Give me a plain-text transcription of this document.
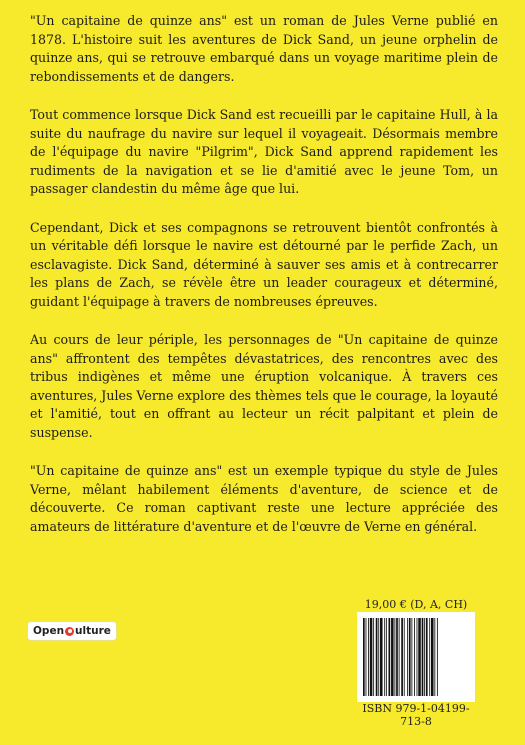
"Un capitaine de quinze ans" est un roman de Jules Verne publié en 1878. L'histoire suit les aventures de Dick Sand, un jeune orphelin de quinze ans, qui se retrouve embarqué dans un voyage maritime plein de rebondissements et de dangers.

Tout commence lorsque Dick Sand est recueilli par le capitaine Hull, à la suite du naufrage du navire sur lequel il voyageait. Désormais membre de l'équipage du navire "Pilgrim", Dick Sand apprend rapidement les rudiments de la navigation et se lie d'amitié avec le jeune Tom, un passager clandestin du même âge que lui.

Cependant, Dick et ses compagnons se retrouvent bientôt confrontés à un véritable défi lorsque le navire est détourné par le perfide Zach, un esclavagiste. Dick Sand, déterminé à sauver ses amis et à contrecarrer les plans de Zach, se révèle être un leader courageux et déterminé, guidant l'équipage à travers de nombreuses épreuves.

Au cours de leur périple, les personnages de "Un capitaine de quinze ans" affrontent des tempêtes dévastatrices, des rencontres avec des tribus indigènes et même une éruption volcanique. À travers ces aventures, Jules Verne explore des thèmes tels que le courage, la loyauté et l'amitié, tout en offrant au lecteur un récit palpitant et plein de suspense.

"Un capitaine de quinze ans" est un exemple typique du style de Jules Verne, mêlant habilement éléments d'aventure, de science et de découverte. Ce roman captivant reste une lecture appréciée des amateurs de littérature d'aventure et de l'œuvre de Verne en général.

Open ulture
19,00 € (D, A, CH)
ISBN 979-1-04199-713-8
